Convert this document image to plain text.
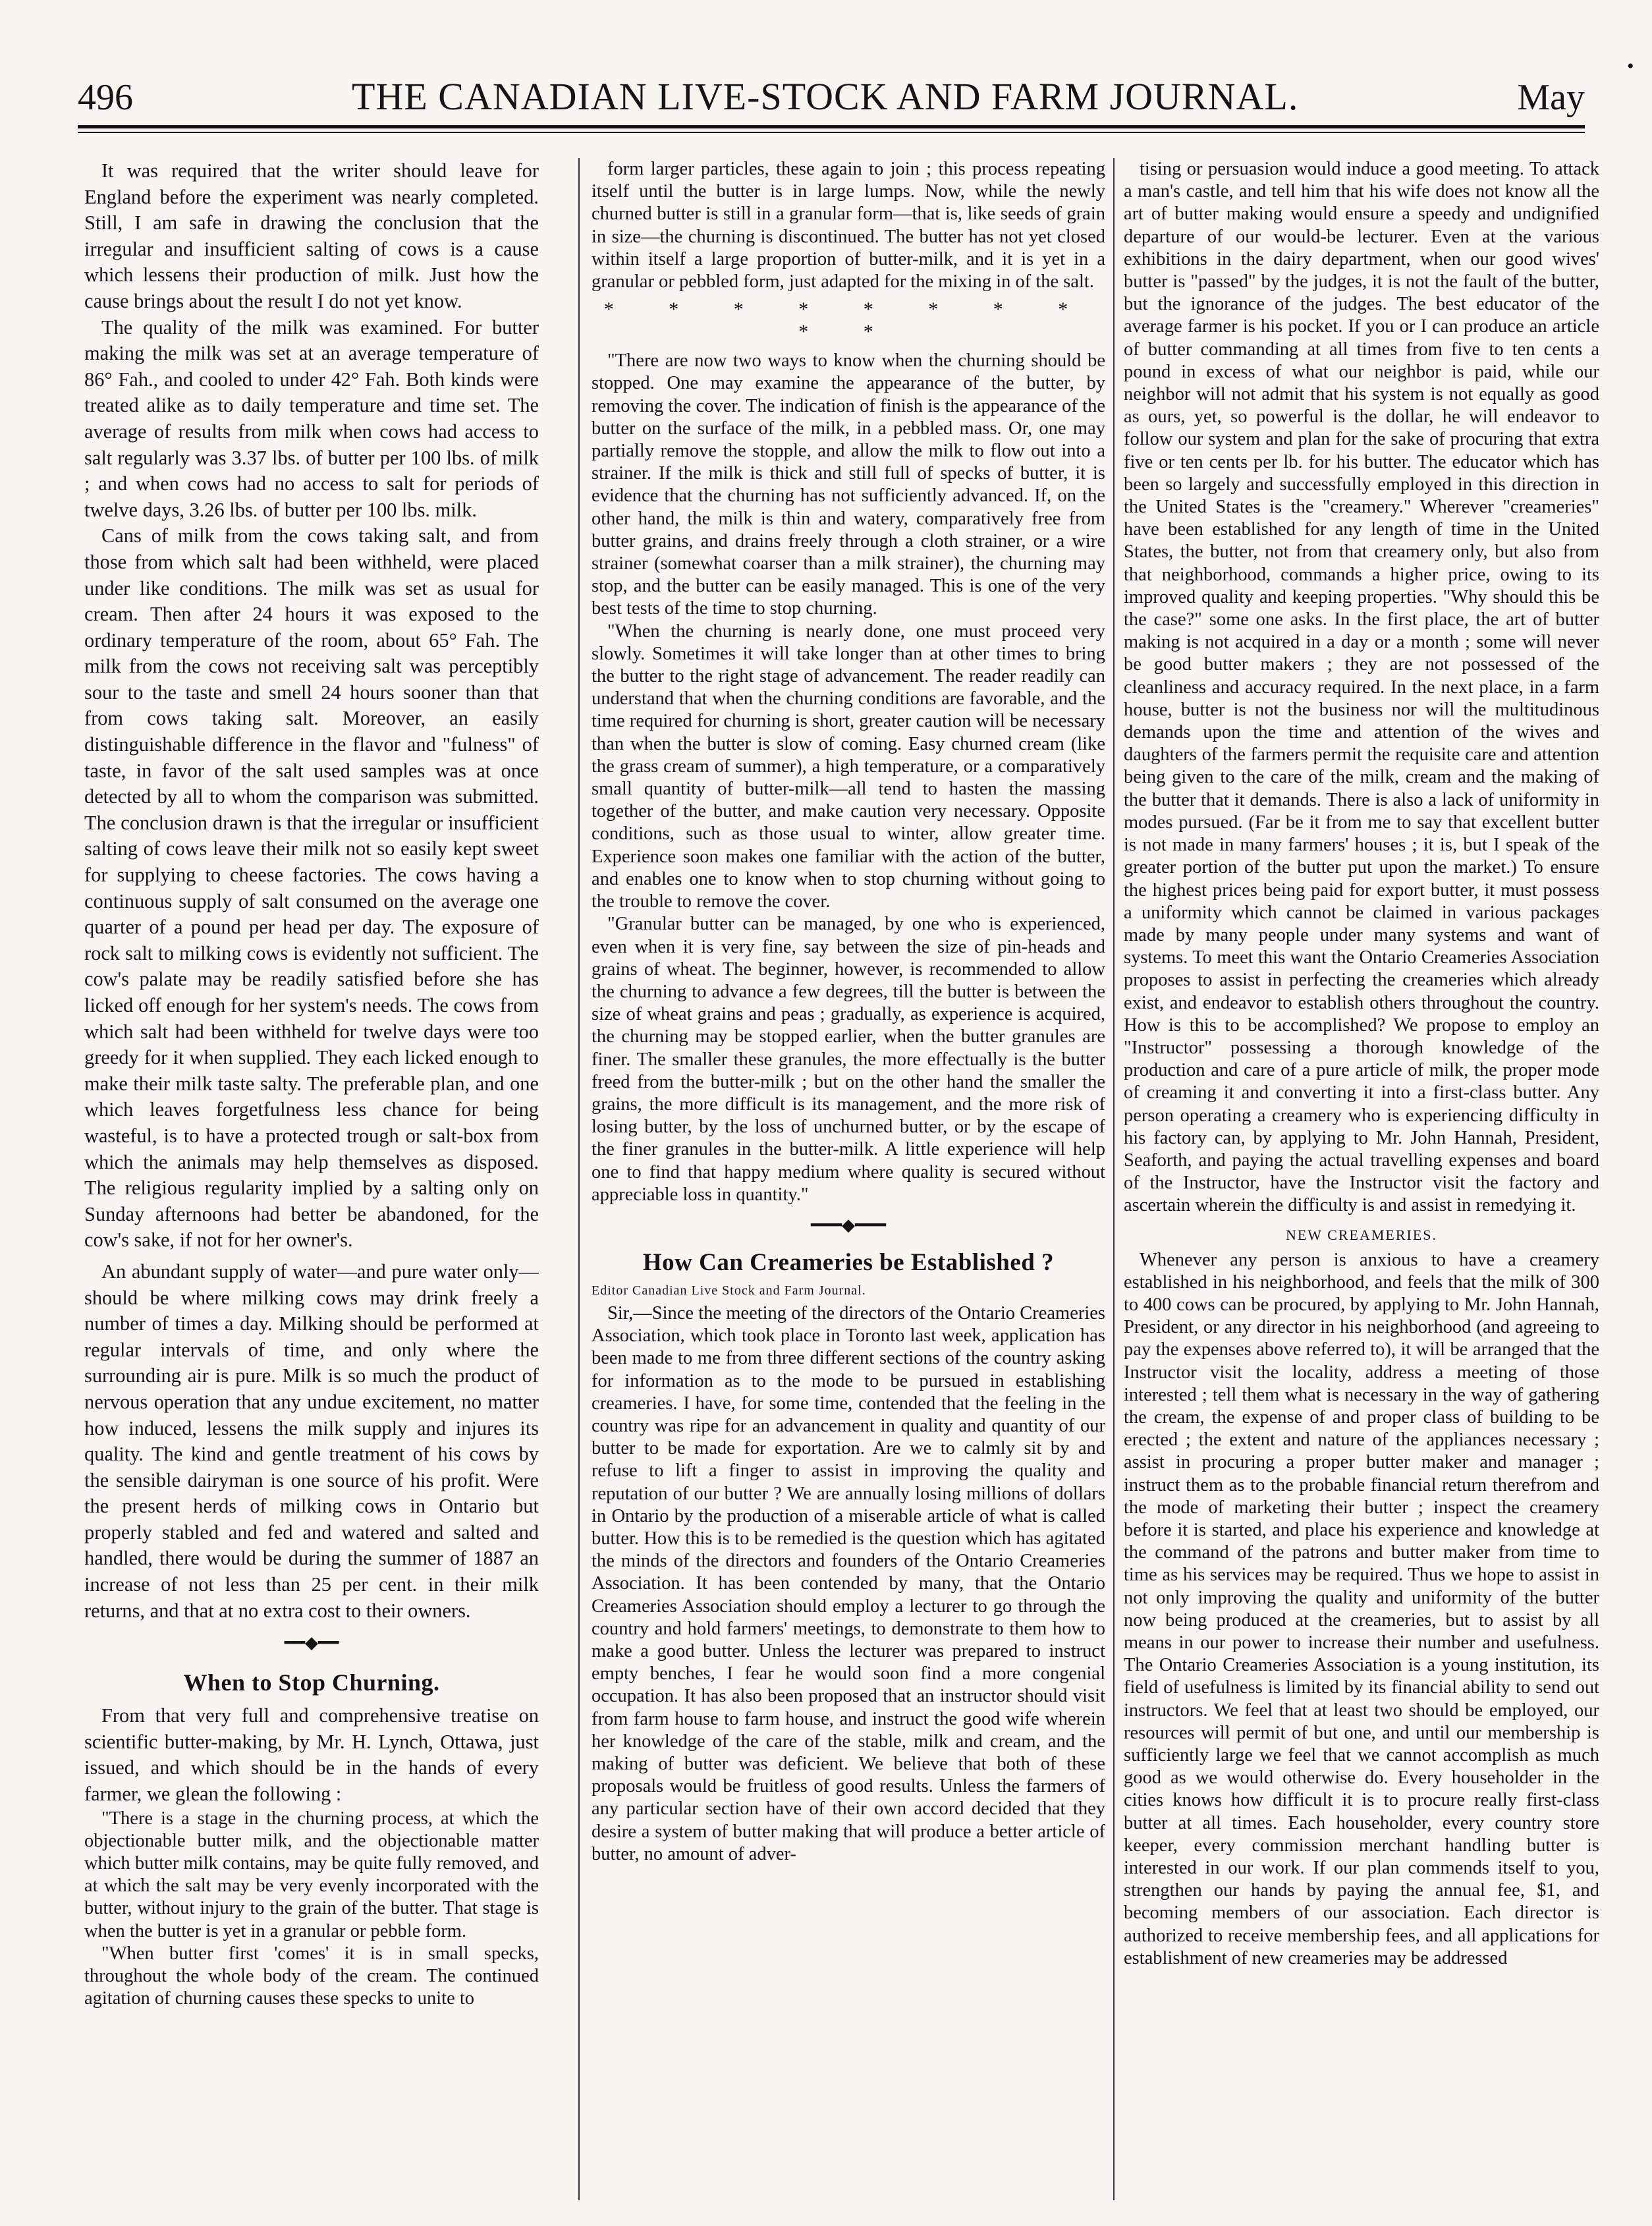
496	THE CANADIAN LIVE-STOCK AND FARM JOURNAL.	May
•

It was required that the writer should leave for England before the experiment was nearly completed. Still, I am safe in drawing the conclusion that the irregular and insufficient salting of cows is a cause which lessens their production of milk. Just how the cause brings about the result I do not yet know.

The quality of the milk was examined. For butter making the milk was set at an average temperature of 86° Fah., and cooled to under 42° Fah. Both kinds were treated alike as to daily temperature and time set. The average of results from milk when cows had access to salt regularly was 3.37 lbs. of butter per 100 lbs. of milk ; and when cows had no access to salt for periods of twelve days, 3.26 lbs. of butter per 100 lbs. milk.

Cans of milk from the cows taking salt, and from those from which salt had been withheld, were placed under like conditions. The milk was set as usual for cream. Then after 24 hours it was exposed to the ordinary temperature of the room, about 65° Fah. The milk from the cows not receiving salt was perceptibly sour to the taste and smell 24 hours sooner than that from cows taking salt. Moreover, an easily distinguishable difference in the flavor and "fulness" of taste, in favor of the salt used samples was at once detected by all to whom the comparison was submitted. The conclusion drawn is that the irregular or insufficient salting of cows leave their milk not so easily kept sweet for supplying to cheese factories. The cows having a continuous supply of salt consumed on the average one quarter of a pound per head per day. The exposure of rock salt to milking cows is evidently not sufficient. The cow's palate may be readily satisfied before she has licked off enough for her system's needs. The cows from which salt had been withheld for twelve days were too greedy for it when supplied. They each licked enough to make their milk taste salty. The preferable plan, and one which leaves forgetfulness less chance for being wasteful, is to have a protected trough or salt-box from which the animals may help themselves as disposed. The religious regularity implied by a salting only on Sunday afternoons had better be abandoned, for the cow's sake, if not for her owner's.

An abundant supply of water—and pure water only—should be where milking cows may drink freely a number of times a day. Milking should be performed at regular intervals of time, and only where the surrounding air is pure. Milk is so much the product of nervous operation that any undue excitement, no matter how induced, lessens the milk supply and injures its quality. The kind and gentle treatment of his cows by the sensible dairyman is one source of his profit. Were the present herds of milking cows in Ontario but properly stabled and fed and watered and salted and handled, there would be during the summer of 1887 an increase of not less than 25 per cent. in their milk returns, and that at no extra cost to their owners.

━━◆━━
When to Stop Churning.

From that very full and comprehensive treatise on scientific butter-making, by Mr. H. Lynch, Ottawa, just issued, and which should be in the hands of every farmer, we glean the following :

"There is a stage in the churning process, at which the objectionable butter milk, and the objectionable matter which butter milk contains, may be quite fully removed, and at which the salt may be very evenly incorporated with the butter, without injury to the grain of the butter. That stage is when the butter is yet in a granular or pebble form.

"When butter first 'comes' it is in small specks, throughout the whole body of the cream. The continued agitation of churning causes these specks to unite to

form larger particles, these again to join ; this process repeating itself until the butter is in large lumps. Now, while the newly churned butter is still in a granular form—that is, like seeds of grain in size—the churning is discontinued. The butter has not yet closed within itself a large proportion of butter-milk, and it is yet in a granular or pebbled form, just adapted for the mixing in of the salt.

* * * * * * * * * *

"There are now two ways to know when the churning should be stopped. One may examine the appearance of the butter, by removing the cover. The indication of finish is the appearance of the butter on the surface of the milk, in a pebbled mass. Or, one may partially remove the stopple, and allow the milk to flow out into a strainer. If the milk is thick and still full of specks of butter, it is evidence that the churning has not sufficiently advanced. If, on the other hand, the milk is thin and watery, comparatively free from butter grains, and drains freely through a cloth strainer, or a wire strainer (somewhat coarser than a milk strainer), the churning may stop, and the butter can be easily managed. This is one of the very best tests of the time to stop churning.

"When the churning is nearly done, one must proceed very slowly. Sometimes it will take longer than at other times to bring the butter to the right stage of advancement. The reader readily can understand that when the churning conditions are favorable, and the time required for churning is short, greater caution will be necessary than when the butter is slow of coming. Easy churned cream (like the grass cream of summer), a high temperature, or a comparatively small quantity of butter-milk—all tend to hasten the massing together of the butter, and make caution very necessary. Opposite conditions, such as those usual to winter, allow greater time. Experience soon makes one familiar with the action of the butter, and enables one to know when to stop churning without going to the trouble to remove the cover.

"Granular butter can be managed, by one who is experienced, even when it is very fine, say between the size of pin-heads and grains of wheat. The beginner, however, is recommended to allow the churning to advance a few degrees, till the butter is between the size of wheat grains and peas ; gradually, as experience is acquired, the churning may be stopped earlier, when the butter granules are finer. The smaller these granules, the more effectually is the butter freed from the butter-milk ; but on the other hand the smaller the grains, the more difficult is its management, and the more risk of losing butter, by the loss of unchurned butter, or by the escape of the finer granules in the butter-milk. A little experience will help one to find that happy medium where quality is secured without appreciable loss in quantity."

━━━◆━━━
How Can Creameries be Established ?
Editor Canadian Live Stock and Farm Journal.

Sir,—Since the meeting of the directors of the Ontario Creameries Association, which took place in Toronto last week, application has been made to me from three different sections of the country asking for information as to the mode to be pursued in establishing creameries. I have, for some time, contended that the feeling in the country was ripe for an advancement in quality and quantity of our butter to be made for exportation. Are we to calmly sit by and refuse to lift a finger to assist in improving the quality and reputation of our butter ? We are annually losing millions of dollars in Ontario by the production of a miserable article of what is called butter. How this is to be remedied is the question which has agitated the minds of the directors and founders of the Ontario Creameries Association. It has been contended by many, that the Ontario Creameries Association should employ a lecturer to go through the country and hold farmers' meetings, to demonstrate to them how to make a good butter. Unless the lecturer was prepared to instruct empty benches, I fear he would soon find a more congenial occupation. It has also been proposed that an instructor should visit from farm house to farm house, and instruct the good wife wherein her knowledge of the care of the stable, milk and cream, and the making of butter was deficient. We believe that both of these proposals would be fruitless of good results. Unless the farmers of any particular section have of their own accord decided that they desire a system of butter making that will produce a better article of butter, no amount of adver-

tising or persuasion would induce a good meeting. To attack a man's castle, and tell him that his wife does not know all the art of butter making would ensure a speedy and undignified departure of our would-be lecturer. Even at the various exhibitions in the dairy department, when our good wives' butter is "passed" by the judges, it is not the fault of the butter, but the ignorance of the judges. The best educator of the average farmer is his pocket. If you or I can produce an article of butter commanding at all times from five to ten cents a pound in excess of what our neighbor is paid, while our neighbor will not admit that his system is not equally as good as ours, yet, so powerful is the dollar, he will endeavor to follow our system and plan for the sake of procuring that extra five or ten cents per lb. for his butter. The educator which has been so largely and successfully employed in this direction in the United States is the "creamery." Wherever "creameries" have been established for any length of time in the United States, the butter, not from that creamery only, but also from that neighborhood, commands a higher price, owing to its improved quality and keeping properties. "Why should this be the case?" some one asks. In the first place, the art of butter making is not acquired in a day or a month ; some will never be good butter makers ; they are not possessed of the cleanliness and accuracy required. In the next place, in a farm house, butter is not the business nor will the multitudinous demands upon the time and attention of the wives and daughters of the farmers permit the requisite care and attention being given to the care of the milk, cream and the making of the butter that it demands. There is also a lack of uniformity in modes pursued. (Far be it from me to say that excellent butter is not made in many farmers' houses ; it is, but I speak of the greater portion of the butter put upon the market.) To ensure the highest prices being paid for export butter, it must possess a uniformity which cannot be claimed in various packages made by many people under many systems and want of systems. To meet this want the Ontario Creameries Association proposes to assist in perfecting the creameries which already exist, and endeavor to establish others throughout the country. How is this to be accomplished? We propose to employ an "Instructor" possessing a thorough knowledge of the production and care of a pure article of milk, the proper mode of creaming it and converting it into a first-class butter. Any person operating a creamery who is experiencing difficulty in his factory can, by applying to Mr. John Hannah, President, Seaforth, and paying the actual travelling expenses and board of the Instructor, have the Instructor visit the factory and ascertain wherein the difficulty is and assist in remedying it.

NEW CREAMERIES.

Whenever any person is anxious to have a creamery established in his neighborhood, and feels that the milk of 300 to 400 cows can be procured, by applying to Mr. John Hannah, President, or any director in his neighborhood (and agreeing to pay the expenses above referred to), it will be arranged that the Instructor visit the locality, address a meeting of those interested ; tell them what is necessary in the way of gathering the cream, the expense of and proper class of building to be erected ; the extent and nature of the appliances necessary ; assist in procuring a proper butter maker and manager ; instruct them as to the probable financial return therefrom and the mode of marketing their butter ; inspect the creamery before it is started, and place his experience and knowledge at the command of the patrons and butter maker from time to time as his services may be required. Thus we hope to assist in not only improving the quality and uniformity of the butter now being produced at the creameries, but to assist by all means in our power to increase their number and usefulness. The Ontario Creameries Association is a young institution, its field of usefulness is limited by its financial ability to send out instructors. We feel that at least two should be employed, our resources will permit of but one, and until our membership is sufficiently large we feel that we cannot accomplish as much good as we would otherwise do. Every householder in the cities knows how difficult it is to procure really first-class butter at all times. Each householder, every country store keeper, every commission merchant handling butter is interested in our work. If our plan commends itself to you, strengthen our hands by paying the annual fee, $1, and becoming members of our association. Each director is authorized to receive membership fees, and all applications for establishment of new creameries may be addressed
